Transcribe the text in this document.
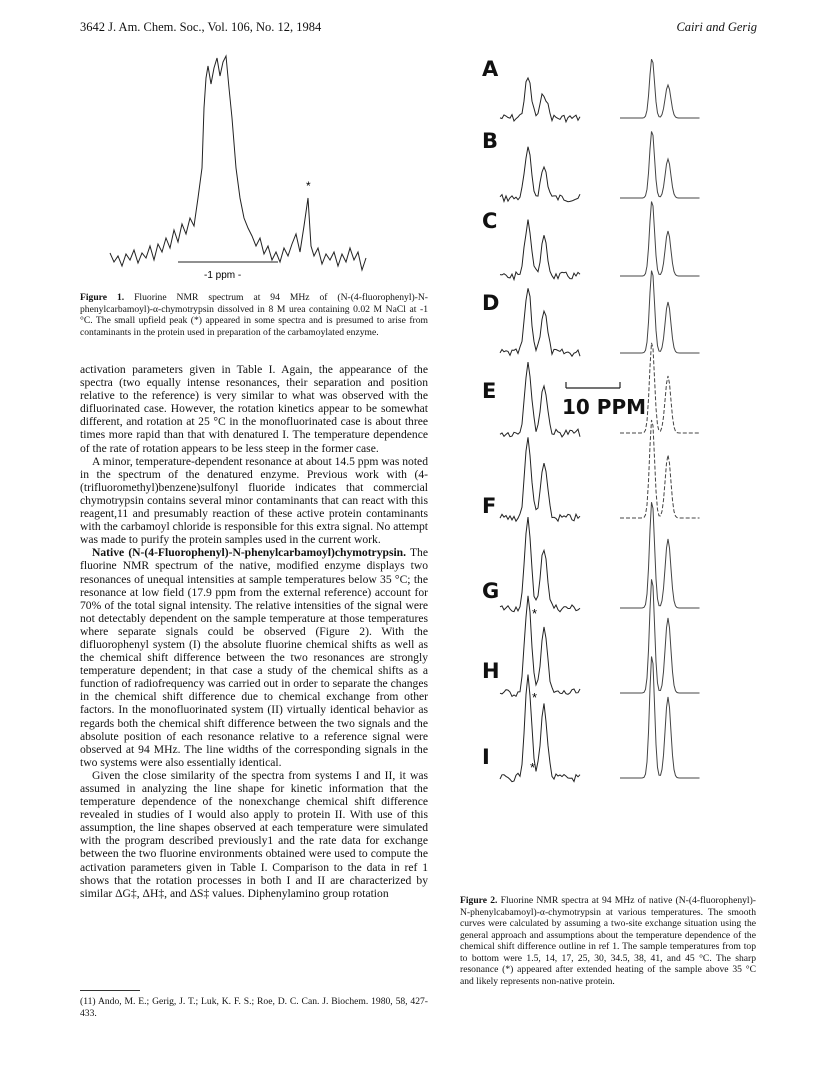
3642 J. Am. Chem. Soc., Vol. 106, No. 12, 1984	Cairi and Gerig
*
-1 ppm -
Figure 1. Fluorine NMR spectrum at 94 MHz of (N-(4-fluorophenyl)-N-phenylcarbamoyl)-α-chymotrypsin dissolved in 8 M urea containing 0.02 M NaCl at -1 °C. The small upfield peak (*) appeared in some spectra and is presumed to arise from contaminants in the protein used in preparation of the carbamoylated enzyme.

activation parameters given in Table I. Again, the appearance of the spectra (two equally intense resonances, their separation and position relative to the reference) is very similar to what was observed with the difluorinated case. However, the rotation kinetics appear to be somewhat different, and rotation at 25 °C in the monofluorinated case is about three times more rapid than that with denatured I. The temperature dependence of the rate of rotation appears to be less steep in the former case.

A minor, temperature-dependent resonance at about 14.5 ppm was noted in the spectrum of the denatured enzyme. Previous work with (4-(trifluoromethyl)benzene)sulfonyl fluoride indicates that commercial chymotrypsin contains several minor contaminants that can react with this reagent,11 and presumably reaction of these active protein contaminants with the carbamoyl chloride is responsible for this extra signal. No attempt was made to purify the protein samples used in the current work.

Native (N-(4-Fluorophenyl)-N-phenylcarbamoyl)chymotrypsin. The fluorine NMR spectrum of the native, modified enzyme displays two resonances of unequal intensities at sample temperatures below 35 °C; the resonance at low field (17.9 ppm from the external reference) account for 70% of the total signal intensity. The relative intensities of the signal were not detectably dependent on the sample temperature at those temperatures where separate signals could be observed (Figure 2). With the difluorophenyl system (I) the absolute fluorine chemical shifts as well as the chemical shift difference between the two resonances are strongly temperature dependent; in that case a study of the chemical shifts as a function of radiofrequency was carried out in order to separate the changes in the chemical shift difference due to chemical exchange from other factors. In the monofluorinated system (II) virtually identical behavior as regards both the chemical shift difference between the two signals and the absolute position of each resonance relative to a reference signal were observed at 94 MHz. The line widths of the corresponding signals in the two systems were also essentially identical.

Given the close similarity of the spectra from systems I and II, it was assumed in analyzing the line shape for kinetic information that the temperature dependence of the nonexchange chemical shift difference revealed in studies of I would also apply to protein II. With use of this assumption, the line shapes observed at each temperature were simulated with the program described previously1 and the rate data for exchange between the two fluorine environments obtained were used to compute the activation parameters given in Table I. Comparison to the data in ref 1 shows that the rotation processes in both I and II are characterized by similar ΔG‡, ΔH‡, and ΔS‡ values. Diphenylamino group rotation

(11) Ando, M. E.; Gerig, J. T.; Luk, K. F. S.; Roe, D. C. Can. J. Biochem. 1980, 58, 427-433.
A
B
C
D
E
F
G
H
I
10 PPM
*
*
*
Figure 2. Fluorine NMR spectra at 94 MHz of native (N-(4-fluorophenyl)-N-phenylcabamoyl)-α-chymotrypsin at various temperatures. The smooth curves were calculated by assuming a two-site exchange situation using the general approach and assumptions about the temperature dependence of the chemical shift difference outline in ref 1. The sample temperatures from top to bottom were 1.5, 14, 17, 25, 30, 34.5, 38, 41, and 45 °C. The sharp resonance (*) appeared after extended heating of the sample above 35 °C and likely represents non-native protein.
